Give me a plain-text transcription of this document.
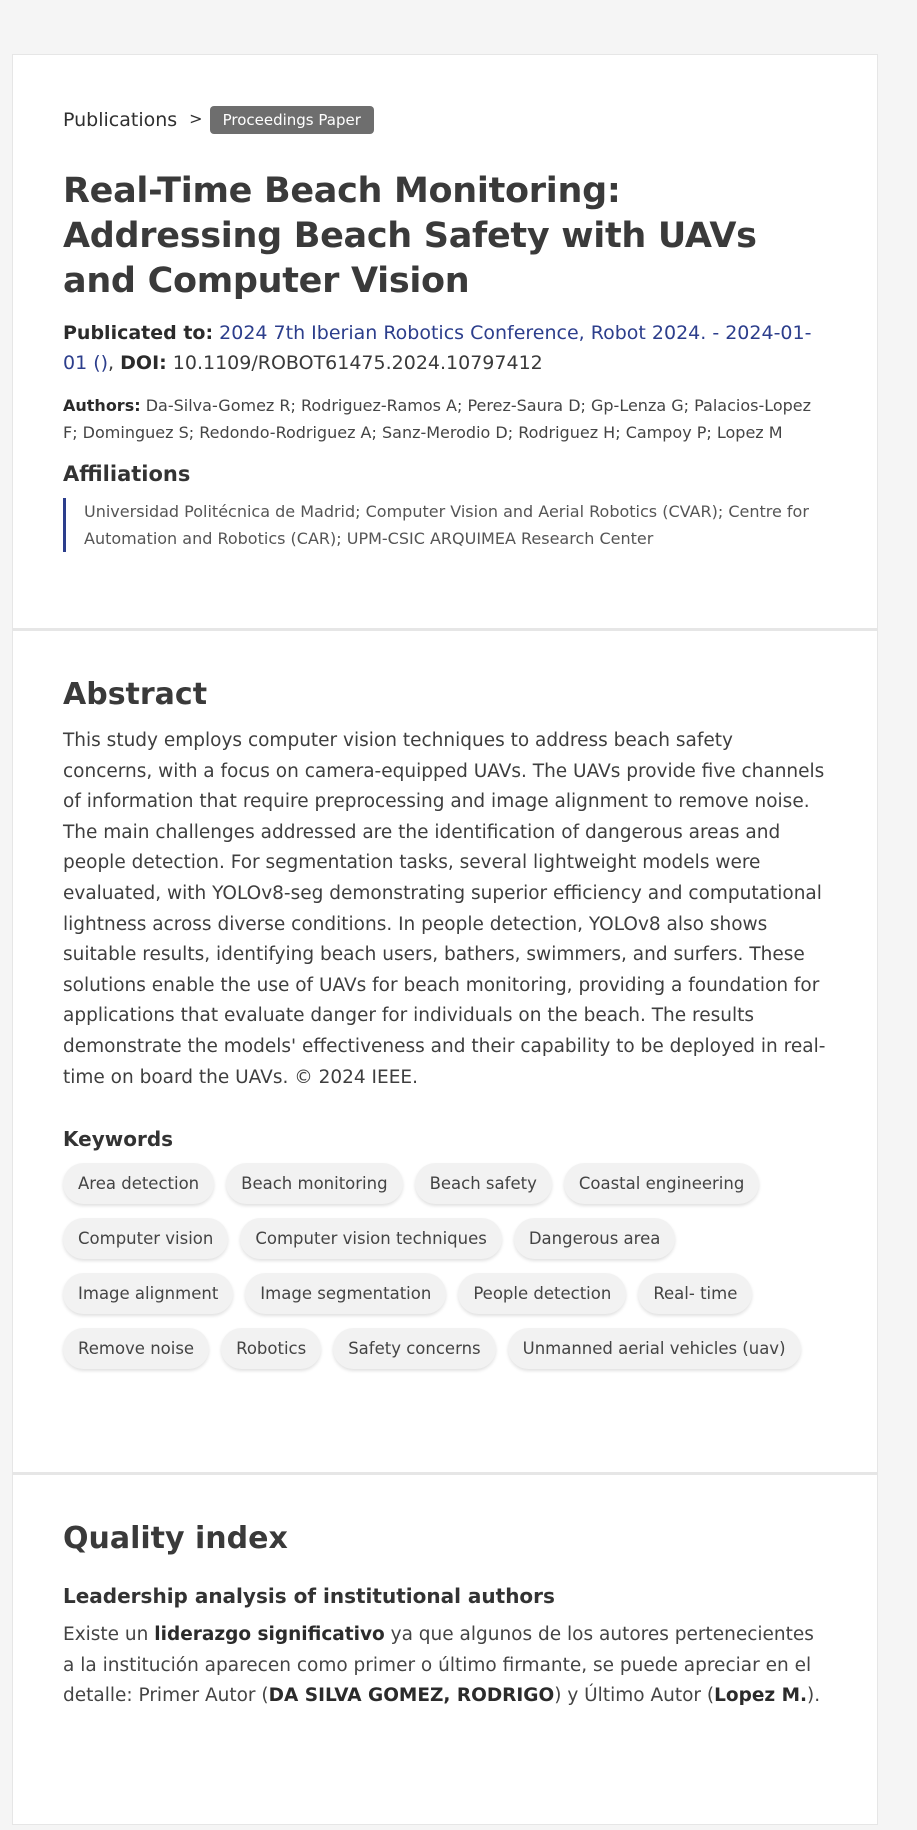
Publications >	Proceedings Paper
Real-Time Beach Monitoring: Addressing Beach Safety with UAVs and Computer Vision
Publicated to: 2024 7th Iberian Robotics Conference, Robot 2024. - 2024-01-01 (), DOI: 10.1109/ROBOT61475.2024.10797412
Authors: Da-Silva-Gomez R; Rodriguez-Ramos A; Perez-Saura D; Gp-Lenza G; Palacios-Lopez F; Dominguez S; Redondo-Rodriguez A; Sanz-Merodio D; Rodriguez H; Campoy P; Lopez M
Affiliations
Universidad Politécnica de Madrid; Computer Vision and Aerial Robotics (CVAR); Centre for Automation and Robotics (CAR); UPM-CSIC ARQUIMEA Research Center
Abstract
This study employs computer vision techniques to address beach safety concerns, with a focus on camera-equipped UAVs. The UAVs provide five channels of information that require preprocessing and image alignment to remove noise. The main challenges addressed are the identification of dangerous areas and people detection. For segmentation tasks, several lightweight models were evaluated, with YOLOv8-seg demonstrating superior efficiency and computational lightness across diverse conditions. In people detection, YOLOv8 also shows suitable results, identifying beach users, bathers, swimmers, and surfers. These solutions enable the use of UAVs for beach monitoring, providing a foundation for applications that evaluate danger for individuals on the beach. The results demonstrate the models' effectiveness and their capability to be deployed in real-time on board the UAVs. © 2024 IEEE.
Keywords
Area detection	Beach monitoring	Beach safety	Coastal engineering
Computer vision	Computer vision techniques	Dangerous area
Image alignment	Image segmentation	People detection	Real- time
Remove noise	Robotics	Safety concerns	Unmanned aerial vehicles (uav)
Quality index
Leadership analysis of institutional authors
Existe un liderazgo significativo ya que algunos de los autores pertenecientes a la institución aparecen como primer o último firmante, se puede apreciar en el detalle: Primer Autor (DA SILVA GOMEZ, RODRIGO) y Último Autor (Lopez M.).
